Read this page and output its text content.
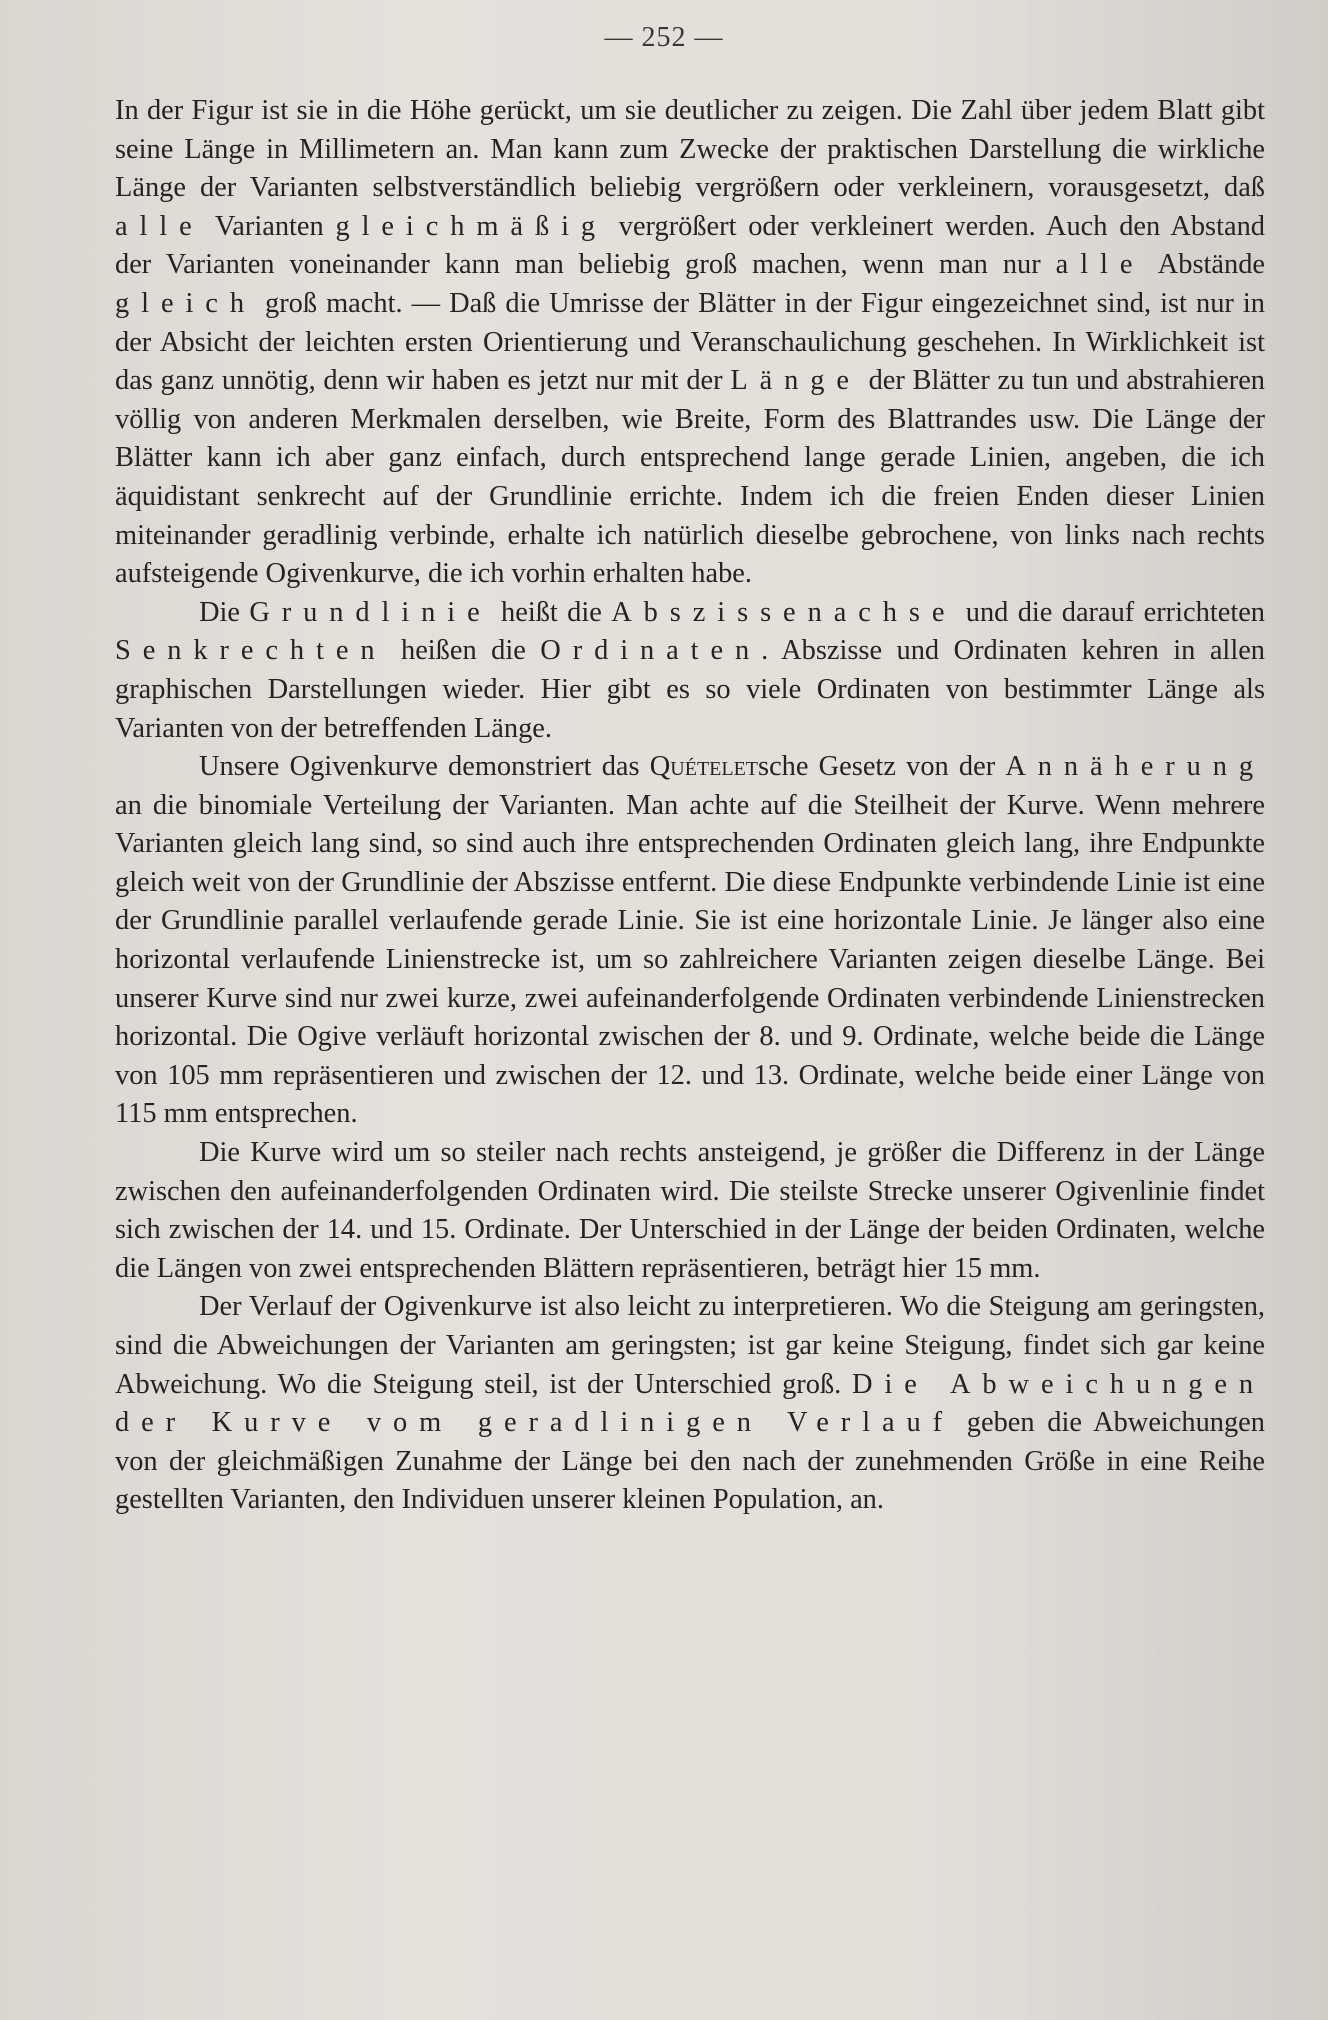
— 252 —

In der Figur ist sie in die Höhe gerückt, um sie deutlicher zu zeigen. Die Zahl über jedem Blatt gibt seine Länge in Millimetern an. Man kann zum Zwecke der praktischen Darstellung die wirkliche Länge der Varianten selbstverständlich beliebig vergrößern oder verkleinern, vorausgesetzt, daß alle Varianten gleichmäßig vergrößert oder verkleinert werden. Auch den Abstand der Varianten voneinander kann man beliebig groß machen, wenn man nur alle Abstände gleich groß macht. — Daß die Umrisse der Blätter in der Figur eingezeichnet sind, ist nur in der Absicht der leichten ersten Orientierung und Veranschaulichung geschehen. In Wirklichkeit ist das ganz unnötig, denn wir haben es jetzt nur mit der Länge der Blätter zu tun und abstrahieren völlig von anderen Merkmalen derselben, wie Breite, Form des Blattrandes usw. Die Länge der Blätter kann ich aber ganz einfach, durch entsprechend lange gerade Linien, angeben, die ich äquidistant senkrecht auf der Grundlinie errichte. Indem ich die freien Enden dieser Linien miteinander geradlinig verbinde, erhalte ich natürlich dieselbe gebrochene, von links nach rechts aufsteigende Ogivenkurve, die ich vorhin erhalten habe.

Die Grundlinie heißt die Abszissenachse und die darauf errichteten Senkrechten heißen die Ordinaten. Abszisse und Ordinaten kehren in allen graphischen Darstellungen wieder. Hier gibt es so viele Ordinaten von bestimmter Länge als Varianten von der betreffenden Länge.

Unsere Ogivenkurve demonstriert das Quételetsche Gesetz von der Annäherung an die binomiale Verteilung der Varianten. Man achte auf die Steilheit der Kurve. Wenn mehrere Varianten gleich lang sind, so sind auch ihre entsprechenden Ordinaten gleich lang, ihre Endpunkte gleich weit von der Grundlinie der Abszisse entfernt. Die diese Endpunkte verbindende Linie ist eine der Grundlinie parallel verlaufende gerade Linie. Sie ist eine horizontale Linie. Je länger also eine horizontal verlaufende Linienstrecke ist, um so zahlreichere Varianten zeigen dieselbe Länge. Bei unserer Kurve sind nur zwei kurze, zwei aufeinanderfolgende Ordinaten verbindende Linienstrecken horizontal. Die Ogive verläuft horizontal zwischen der 8. und 9. Ordinate, welche beide die Länge von 105 mm repräsentieren und zwischen der 12. und 13. Ordinate, welche beide einer Länge von 115 mm entsprechen.

Die Kurve wird um so steiler nach rechts ansteigend, je größer die Differenz in der Länge zwischen den aufeinanderfolgenden Ordinaten wird. Die steilste Strecke unserer Ogivenlinie findet sich zwischen der 14. und 15. Ordinate. Der Unterschied in der Länge der beiden Ordinaten, welche die Längen von zwei entsprechenden Blättern repräsentieren, beträgt hier 15 mm.

Der Verlauf der Ogivenkurve ist also leicht zu interpretieren. Wo die Steigung am geringsten, sind die Abweichungen der Varianten am geringsten; ist gar keine Steigung, findet sich gar keine Abweichung. Wo die Steigung steil, ist der Unterschied groß. Die Abweichungen der Kurve vom geradlinigen Verlauf geben die Abweichungen von der gleichmäßigen Zunahme der Länge bei den nach der zunehmenden Größe in eine Reihe gestellten Varianten, den Individuen unserer kleinen Population, an.
